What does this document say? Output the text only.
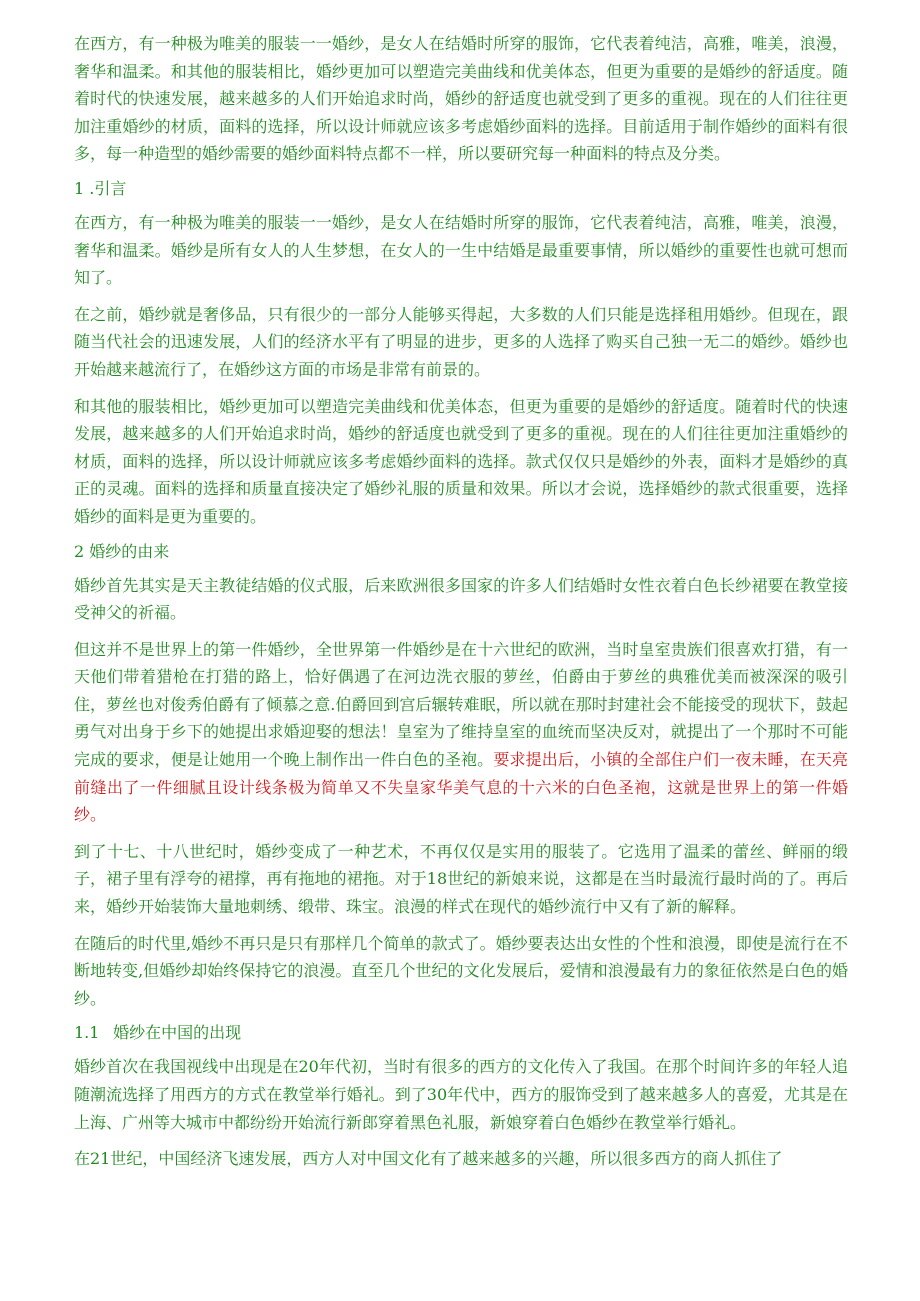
在西方，有一种极为唯美的服装一一婚纱，是女人在结婚时所穿的服饰，它代表着纯洁，高雅，唯美，浪漫，奢华和温柔。和其他的服装相比，婚纱更加可以塑造完美曲线和优美体态，但更为重要的是婚纱的舒适度。随着时代的快速发展，越来越多的人们开始追求时尚，婚纱的舒适度也就受到了更多的重视。现在的人们往往更加注重婚纱的材质，面料的选择，所以设计师就应该多考虑婚纱面料的选择。目前适用于制作婚纱的面料有很多，每一种造型的婚纱需要的婚纱面料特点都不一样，所以要研究每一种面料的特点及分类。

1 .引言

在西方，有一种极为唯美的服装一一婚纱，是女人在结婚时所穿的服饰，它代表着纯洁，高雅，唯美，浪漫，奢华和温柔。婚纱是所有女人的人生梦想，在女人的一生中结婚是最重要事情，所以婚纱的重要性也就可想而知了。

在之前，婚纱就是奢侈品，只有很少的一部分人能够买得起，大多数的人们只能是选择租用婚纱。但现在，跟随当代社会的迅速发展，人们的经济水平有了明显的进步，更多的人选择了购买自己独一无二的婚纱。婚纱也开始越来越流行了，在婚纱这方面的市场是非常有前景的。

和其他的服装相比，婚纱更加可以塑造完美曲线和优美体态，但更为重要的是婚纱的舒适度。随着时代的快速发展，越来越多的人们开始追求时尚，婚纱的舒适度也就受到了更多的重视。现在的人们往往更加注重婚纱的材质，面料的选择，所以设计师就应该多考虑婚纱面料的选择。款式仅仅只是婚纱的外表，面料才是婚纱的真正的灵魂。面料的选择和质量直接决定了婚纱礼服的质量和效果。所以才会说，选择婚纱的款式很重要，选择婚纱的面料是更为重要的。

2 婚纱的由来

婚纱首先其实是天主教徒结婚的仪式服，后来欧洲很多国家的许多人们结婚时女性衣着白色长纱裙要在教堂接受神父的祈福。

但这并不是世界上的第一件婚纱，全世界第一件婚纱是在十六世纪的欧洲，当时皇室贵族们很喜欢打猎，有一天他们带着猎枪在打猎的路上，恰好偶遇了在河边洗衣服的萝丝，伯爵由于萝丝的典雅优美而被深深的吸引住，萝丝也对俊秀伯爵有了倾慕之意.伯爵回到宫后辗转难眠，所以就在那时封建社会不能接受的现状下，鼓起勇气对出身于乡下的她提出求婚迎娶的想法！皇室为了维持皇室的血统而坚决反对，就提出了一个那时不可能完成的要求，便是让她用一个晚上制作出一件白色的圣袍。要求提出后，小镇的全部住户们一夜未睡，在天亮前缝出了一件细腻且设计线条极为简单又不失皇家华美气息的十六米的白色圣袍，这就是世界上的第一件婚纱。

到了十七、十八世纪时，婚纱变成了一种艺术，不再仅仅是实用的服装了。它选用了温柔的蕾丝、鲜丽的缎子，裙子里有浮夸的裙撑，再有拖地的裙拖。对于18世纪的新娘来说，这都是在当时最流行最时尚的了。再后来，婚纱开始装饰大量地刺绣、缎带、珠宝。浪漫的样式在现代的婚纱流行中又有了新的解释。

在随后的时代里,婚纱不再只是只有那样几个简单的款式了。婚纱要表达出女性的个性和浪漫，即使是流行在不断地转变,但婚纱却始终保持它的浪漫。直至几个世纪的文化发展后，爱情和浪漫最有力的象征依然是白色的婚纱。

1.1 婚纱在中国的出现

婚纱首次在我国视线中出现是在20年代初，当时有很多的西方的文化传入了我国。在那个时间许多的年轻人追随潮流选择了用西方的方式在教堂举行婚礼。到了30年代中，西方的服饰受到了越来越多人的喜爱，尤其是在上海、广州等大城市中都纷纷开始流行新郎穿着黑色礼服，新娘穿着白色婚纱在教堂举行婚礼。

在21世纪，中国经济飞速发展，西方人对中国文化有了越来越多的兴趣，所以很多西方的商人抓住了
